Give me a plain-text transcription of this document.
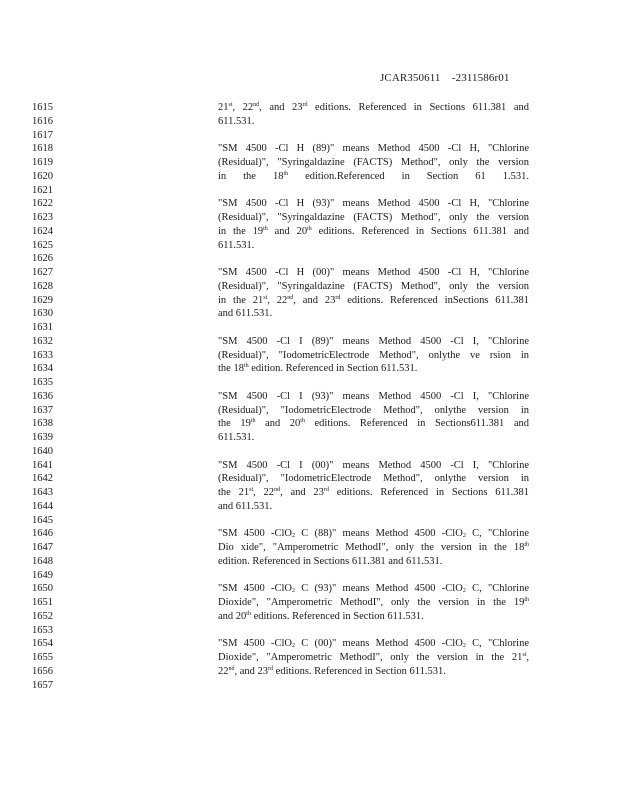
JCAR350611 -2311586r01
1615
1616
1617
1618
1619
1620
1621
1622
1623
1624
1625
1626
1627
1628
1629
1630
1631
1632
1633
1634
1635
1636
1637
1638
1639
1640
1641
1642
1643
1644
1645
1646
1647
1648
1649
1650
1651
1652
1653
1654
1655
1656
1657
21st, 22nd, and 23rd editions. Referenced in Sections 611.381 and
611.531.

"SM 4500 -Cl H (89)" means Method 4500 -Cl H, "Chlorine
(Residual)", "Syringaldazine (FACTS) Method", only the version
in the 18th edition.Referenced in Section 61 1.531.

"SM 4500 -Cl H (93)" means Method 4500 -Cl H, "Chlorine
(Residual)", "Syringaldazine (FACTS) Method", only the version
in the 19th and 20th editions. Referenced in Sections 611.381 and
611.531.

"SM 4500 -Cl H (00)" means Method 4500 -Cl H, "Chlorine
(Residual)", "Syringaldazine (FACTS) Method", only the version
in the 21st, 22nd, and 23rd editions. Referenced inSections 611.381
and 611.531.

"SM 4500 -Cl I (89)" means Method 4500 -Cl I, "Chlorine
(Residual)", "IodometricElectrode Method", onlythe ve rsion in
the 18th edition. Referenced in Section 611.531.

"SM 4500 -Cl I (93)" means Method 4500 -Cl I, "Chlorine
(Residual)", "IodometricElectrode Method", onlythe version in
the 19th and 20th editions. Referenced in Sections611.381 and
611.531.

"SM 4500 -Cl I (00)" means Method 4500 -Cl I, "Chlorine
(Residual)", "IodometricElectrode Method", onlythe version in
the 21st, 22nd, and 23rd editions. Referenced in Sections 611.381
and 611.531.

"SM 4500 -ClO$_2$ C (88)" means Method 4500 -ClO$_2$ C, "Chlorine
Dio xide", "Amperometric MethodI", only the version in the 18th
edition. Referenced in Sections 611.381 and 611.531.

"SM 4500 -ClO$_2$ C (93)" means Method 4500 -ClO$_2$ C, "Chlorine
Dioxide", "Amperometric MethodI", only the version in the 19th
and 20th editions. Referenced in Section 611.531.

"SM 4500 -ClO$_2$ C (00)" means Method 4500 -ClO$_2$ C, "Chlorine
Dioxide", "Amperometric MethodI", only the version in the 21st,
22nd, and 23rd editions. Referenced in Section 611.531.
